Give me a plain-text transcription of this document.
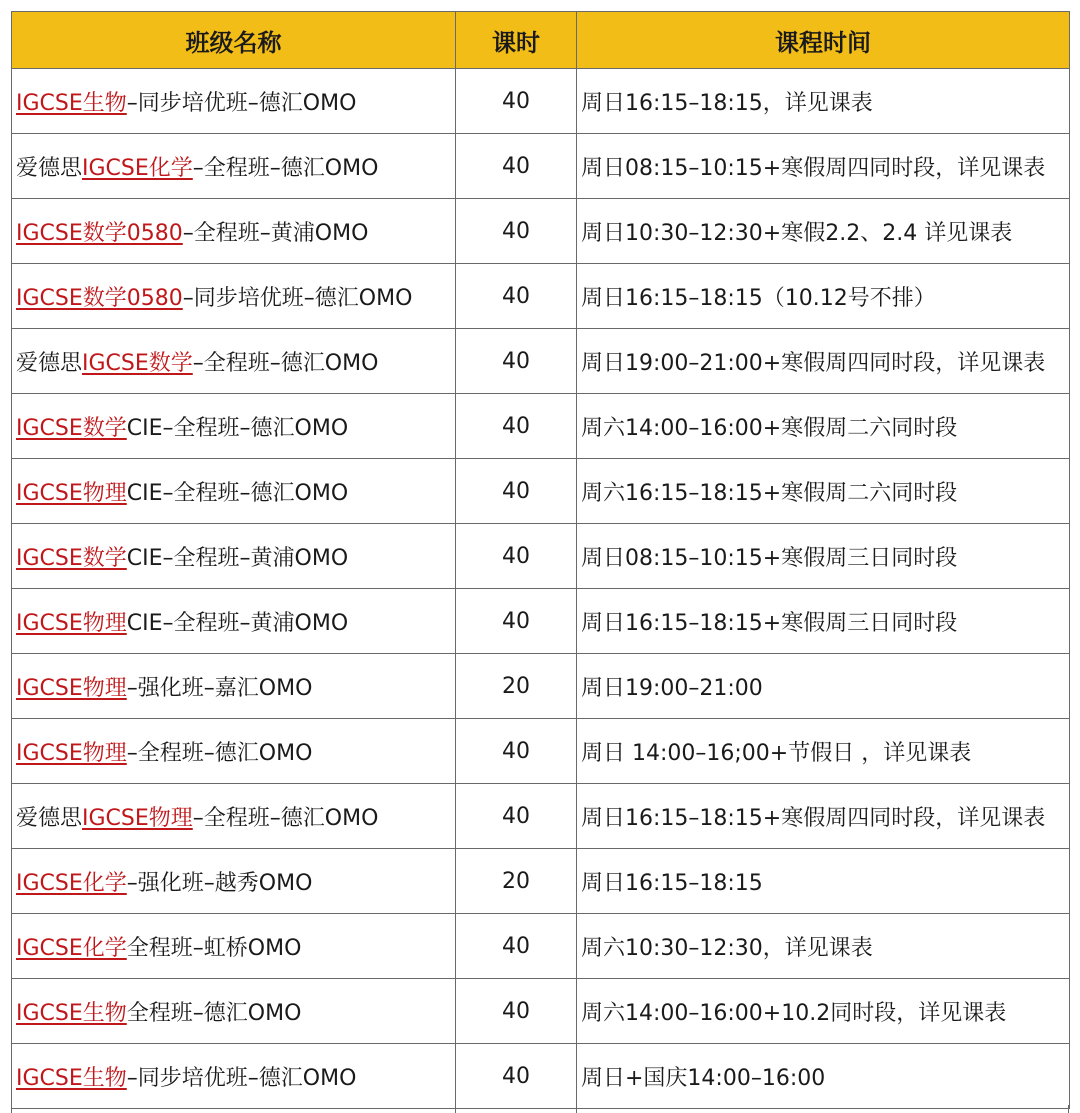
班级名称	课时	课程时间
IGCSE生物–同步培优班–德汇OMO	40	周日16:15–18:15，详见课表
爱德思IGCSE化学–全程班–德汇OMO	40	周日08:15–10:15+寒假周四同时段，详见课表
IGCSE数学0580–全程班–黄浦OMO	40	周日10:30–12:30+寒假2.2、2.4 详见课表
IGCSE数学0580–同步培优班–德汇OMO	40	周日16:15–18:15（10.12号不排）
爱德思IGCSE数学–全程班–德汇OMO	40	周日19:00–21:00+寒假周四同时段，详见课表
IGCSE数学CIE–全程班–德汇OMO	40	周六14:00–16:00+寒假周二六同时段
IGCSE物理CIE–全程班–德汇OMO	40	周六16:15–18:15+寒假周二六同时段
IGCSE数学CIE–全程班–黄浦OMO	40	周日08:15–10:15+寒假周三日同时段
IGCSE物理CIE–全程班–黄浦OMO	40	周日16:15–18:15+寒假周三日同时段
IGCSE物理–强化班–嘉汇OMO	20	周日19:00–21:00
IGCSE物理–全程班–德汇OMO	40	周日 14:00–16;00+节假日 ，详见课表
爱德思IGCSE物理–全程班–德汇OMO	40	周日16:15–18:15+寒假周四同时段，详见课表
IGCSE化学–强化班–越秀OMO	20	周日16:15–18:15
IGCSE化学全程班–虹桥OMO	40	周六10:30–12:30，详见课表
IGCSE生物全程班–德汇OMO	40	周六14:00–16:00+10.2同时段，详见课表
IGCSE生物–同步培优班–德汇OMO	40	周日+国庆14:00–16:00
